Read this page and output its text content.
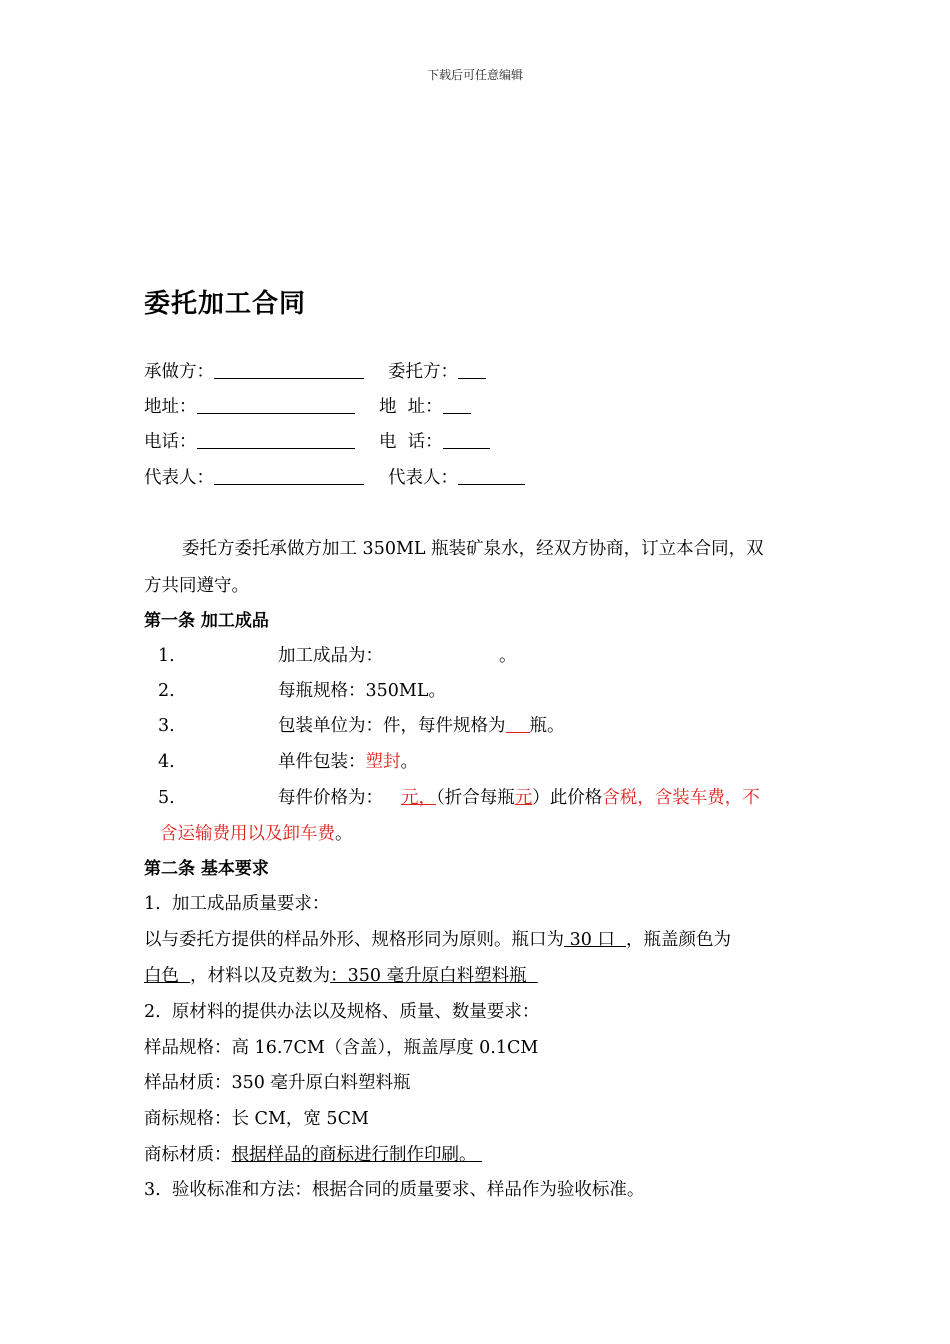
下载后可任意编辑
委托加工合同
承做方：	委托方：
地址：	地  址：
电话：	电  话：
代表人：	代表人：
委托方委托承做方加工 350ML 瓶装矿泉水，经双方协商，订立本合同，双
方共同遵守。
第一条 加工成品
1.	加工成品为：	。
2.	每瓶规格：350ML。
3.	包装单位为：件，每件规格为 瓶。
4.	单件包装：塑封。
5.	每件价格为： 元，（折合每瓶元）此价格含税，含装车费，不
含运输费用以及卸车费。
第二条 基本要求
1.  加工成品质量要求：
以与委托方提供的样品外形、规格形同为原则。瓶口为 30 口  ，瓶盖颜色为
白色  ，材料以及克数为：350 毫升原白料塑料瓶
2.  原材料的提供办法以及规格、质量、数量要求：
样品规格：高 16.7CM（含盖），瓶盖厚度 0.1CM
样品材质：350 毫升原白料塑料瓶
商标规格：长 CM，宽 5CM
商标材质：根据样品的商标进行制作印刷。
3.  验收标准和方法：根据合同的质量要求、样品作为验收标准。
